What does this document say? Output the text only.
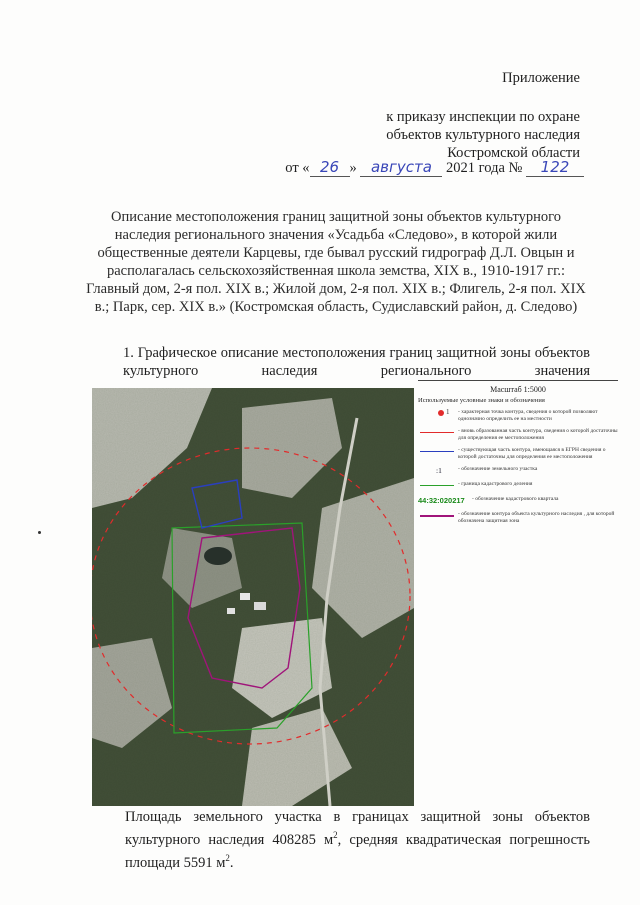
Приложение
к приказу инспекции по охране
объектов культурного наследия
Костромской области
от « 26 » августа 2021 года № 122
Описание местоположения границ защитной зоны объектов культурного наследия регионального значения «Усадьба «Следово», в которой жили общественные деятели Карцевы, где бывал русский гидрограф Д.Л. Овцын и располагалась сельскохозяйственная школа земства, XIX в., 1910-1917 гг.: Главный дом, 2-я пол. XIX в.; Жилой дом, 2-я пол. XIX в.; Флигель, 2-я пол. XIX в.; Парк, сер. XIX в.» (Костромская область, Судиславский район, д. Следово)
1. Графическое описание местоположения границ защитной зоны объектов культурного наследия регионального значения
Масштаб 1:5000
Используемые условные знаки и обозначения
1 - характерная точка контура, сведения о которой позволяют однозначно определить ее на местности
- вновь образованная часть контура, сведения о которой достаточны для определения ее местоположения
- существующая часть контура, имеющаяся в ЕГРН сведения о которой достаточны для определения ее местоположения
:1	- обозначение земельного участка
- граница кадастрового деления
44:32:020217 - обозначение кадастрового квартала
- обозначение контура объекта культурного наследия , для которой обозначена защитная зона
Площадь земельного участка в границах защитной зоны объектов культурного наследия 408285 $м^2$, средняя квадратическая погрешность площади 5591 $м^2$.
